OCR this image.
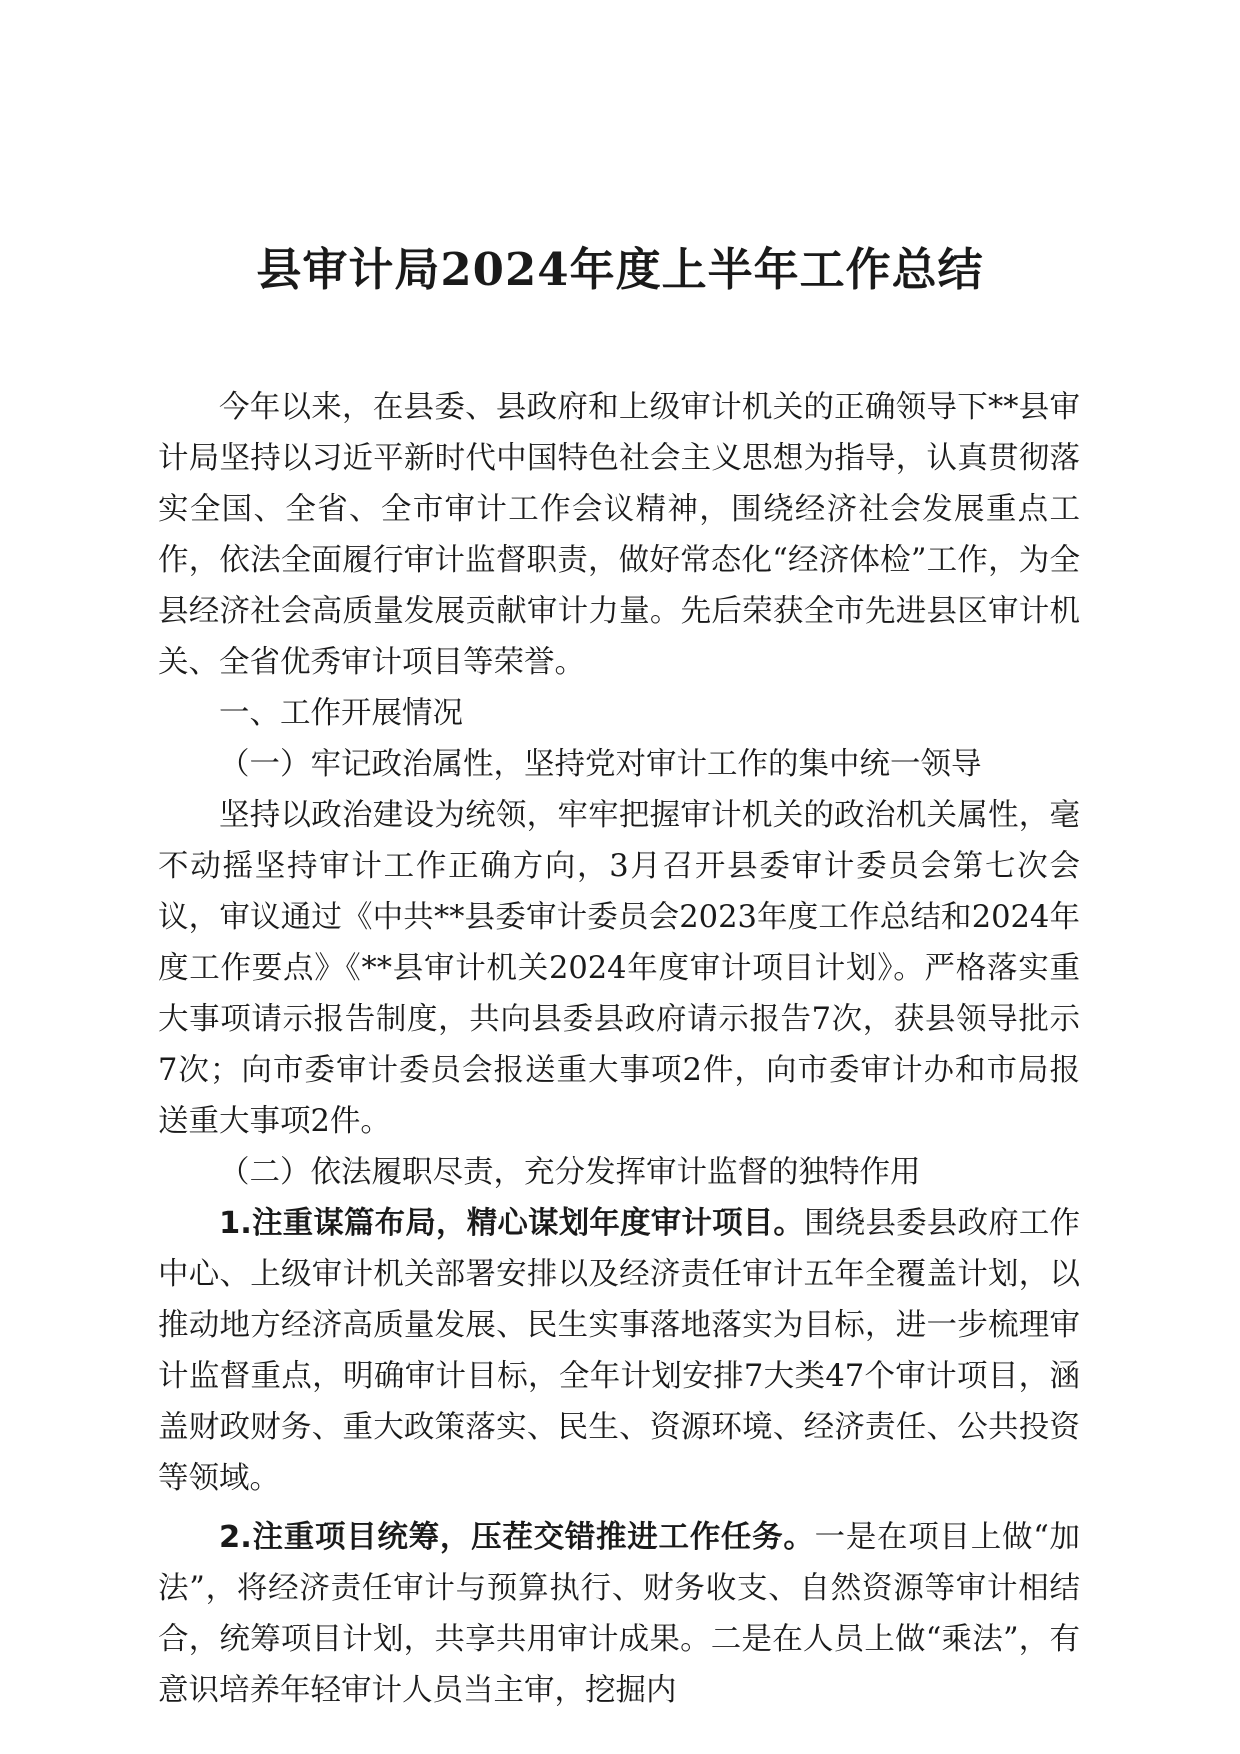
县审计局2024年度上半年工作总结

今年以来，在县委、县政府和上级审计机关的正确领导下**县审计局坚持以习近平新时代中国特色社会主义思想为指导，认真贯彻落实全国、全省、全市审计工作会议精神，围绕经济社会发展重点工作，依法全面履行审计监督职责，做好常态化“经济体检”工作，为全县经济社会高质量发展贡献审计力量。先后荣获全市先进县区审计机关、全省优秀审计项目等荣誉。

一、工作开展情况

（一）牢记政治属性，坚持党对审计工作的集中统一领导

坚持以政治建设为统领，牢牢把握审计机关的政治机关属性，毫不动摇坚持审计工作正确方向，3月召开县委审计委员会第七次会议，审议通过《中共**县委审计委员会2023年度工作总结和2024年度工作要点》《**县审计机关2024年度审计项目计划》。严格落实重大事项请示报告制度，共向县委县政府请示报告7次，获县领导批示7次；向市委审计委员会报送重大事项2件，向市委审计办和市局报送重大事项2件。

（二）依法履职尽责，充分发挥审计监督的独特作用

1.注重谋篇布局，精心谋划年度审计项目。围绕县委县政府工作中心、上级审计机关部署安排以及经济责任审计五年全覆盖计划，以推动地方经济高质量发展、民生实事落地落实为目标，进一步梳理审计监督重点，明确审计目标，全年计划安排7大类47个审计项目，涵盖财政财务、重大政策落实、民生、资源环境、经济责任、公共投资等领域。

2.注重项目统筹，压茬交错推进工作任务。一是在项目上做“加法”，将经济责任审计与预算执行、财务收支、自然资源等审计相结合，统筹项目计划，共享共用审计成果。二是在人员上做“乘法”，有意识培养年轻审计人员当主审，挖掘内
